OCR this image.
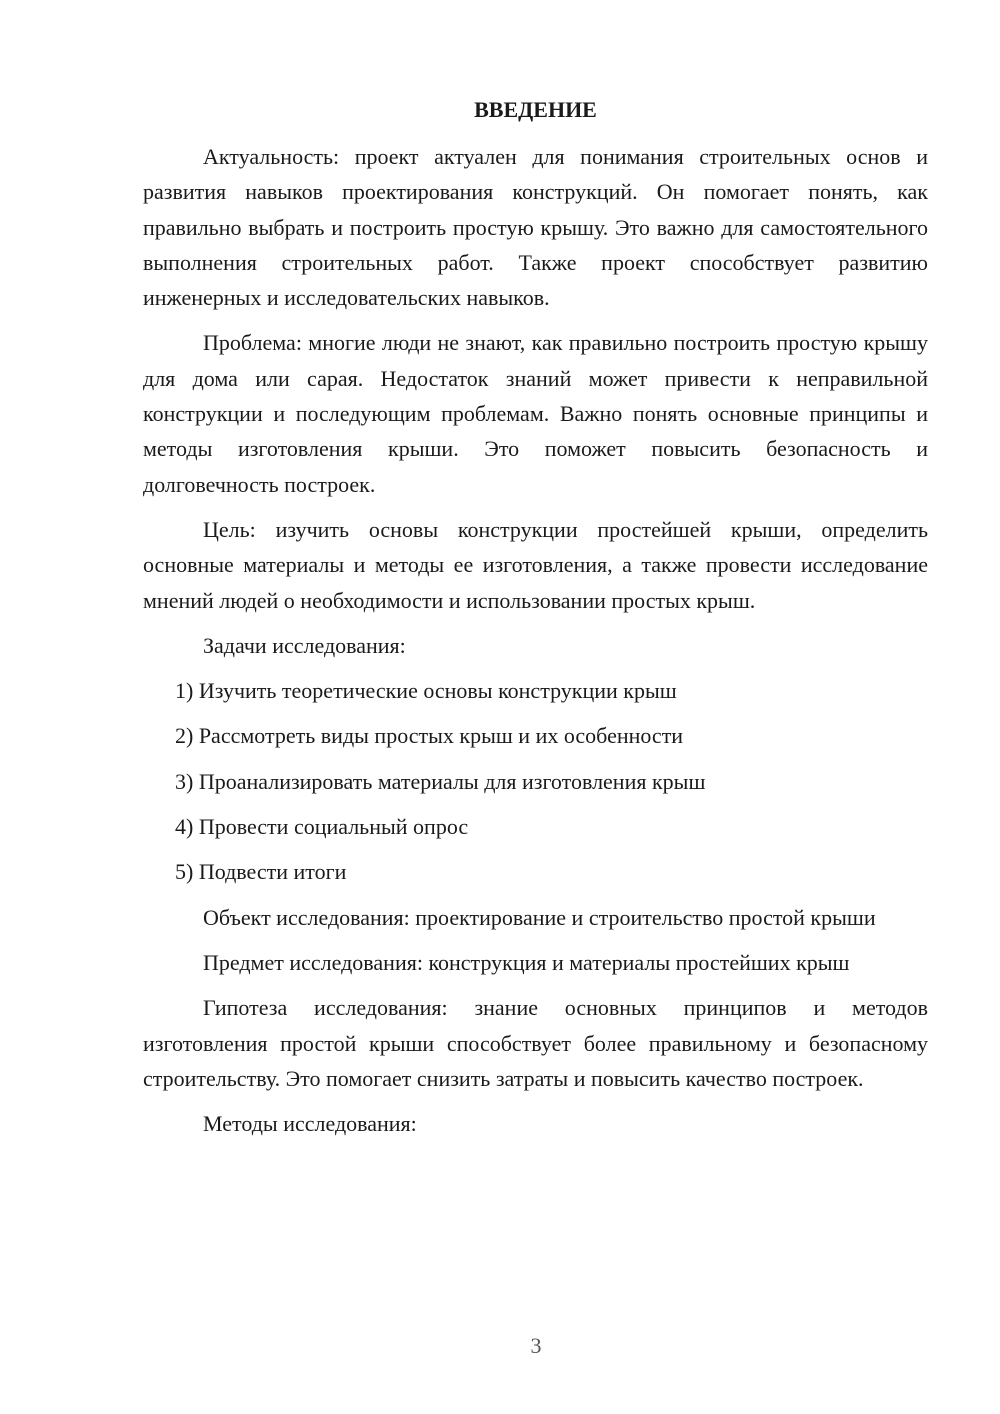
ВВЕДЕНИЕ

Актуальность: проект актуален для понимания строительных основ и развития навыков проектирования конструкций. Он помогает понять, как правильно выбрать и построить простую крышу. Это важно для самостоятельного выполнения строительных работ. Также проект способствует развитию инженерных и исследовательских навыков.

Проблема: многие люди не знают, как правильно построить простую крышу для дома или сарая. Недостаток знаний может привести к неправильной конструкции и последующим проблемам. Важно понять основные принципы и методы изготовления крыши. Это поможет повысить безопасность и долговечность построек.

Цель: изучить основы конструкции простейшей крыши, определить основные материалы и методы ее изготовления, а также провести исследование мнений людей о необходимости и использовании простых крыш.

Задачи исследования:

1) Изучить теоретические основы конструкции крыш

2) Рассмотреть виды простых крыш и их особенности

3) Проанализировать материалы для изготовления крыш

4) Провести социальный опрос

5) Подвести итоги

Объект исследования: проектирование и строительство простой крыши

Предмет исследования: конструкция и материалы простейших крыш

Гипотеза исследования: знание основных принципов и методов изготовления простой крыши способствует более правильному и безопасному строительству. Это помогает снизить затраты и повысить качество построек.

Методы исследования:

3
